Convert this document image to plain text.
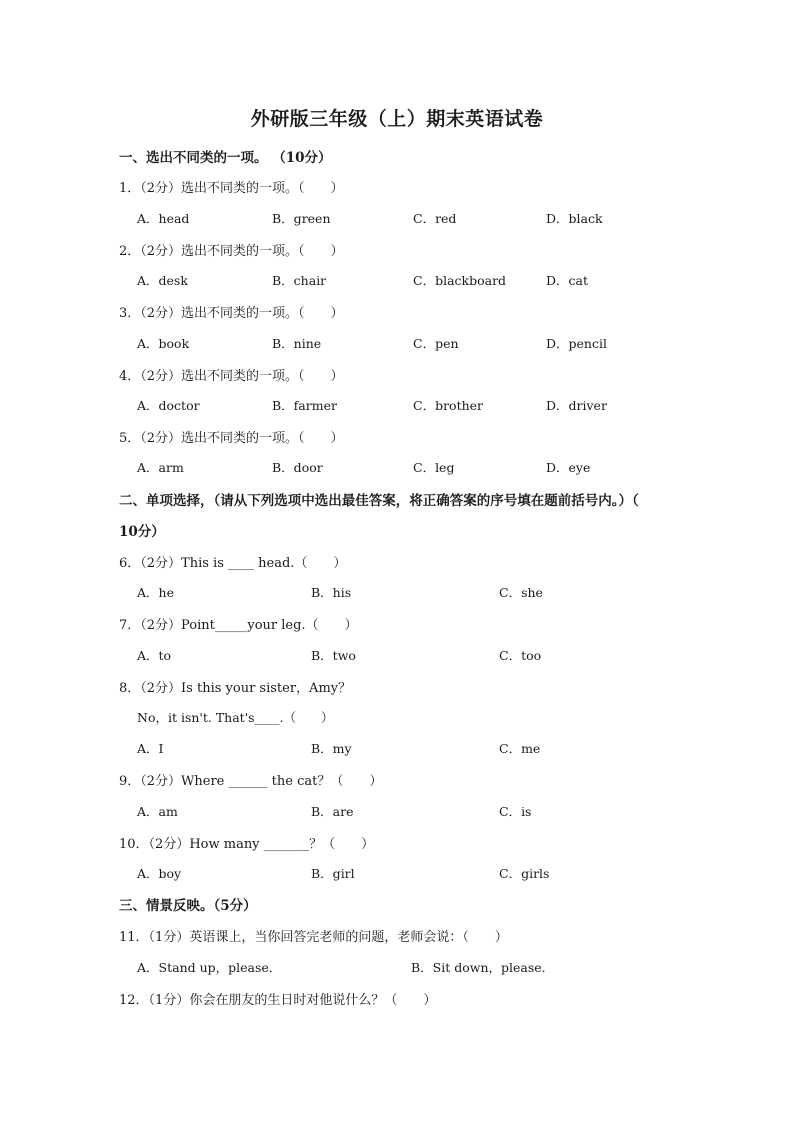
外研版三年级（上）期末英语试卷
一、选出不同类的一项。 （10分）
1．（2分）选出不同类的一项。（　　）
A．head	B．green	C．red	D．black
2．（2分）选出不同类的一项。（　　）
A．desk	B．chair	C．blackboard	D．cat
3．（2分）选出不同类的一项。（　　）
A．book	B．nine	C．pen	D．pencil
4．（2分）选出不同类的一项。（　　）
A．doctor	B．farmer	C．brother	D．driver
5．（2分）选出不同类的一项。（　　）
A．arm	B．door	C．leg	D．eye
二、单项选择，（请从下列选项中选出最佳答案，将正确答案的序号填在题前括号内。）（
10分）
6．（2分）This is ____ head.（　　）
A．he	B．his	C．she
7．（2分）Point_____your leg.（　　）
A．to	B．two	C．too
8．（2分）Is this your sister，Amy？
No，it isn't. That's____.（　　）
A．I	B．my	C．me
9．（2分）Where ______ the cat？（　　）
A．am	B．are	C．is
10．（2分）How many _______？（　　）
A．boy	B．girl	C．girls
三、情景反映。（5分）
11．（1分）英语课上，当你回答完老师的问题，老师会说：（　　）
A．Stand up，please．	B．Sit down，please．
12．（1分）你会在朋友的生日时对他说什么？（　　）
